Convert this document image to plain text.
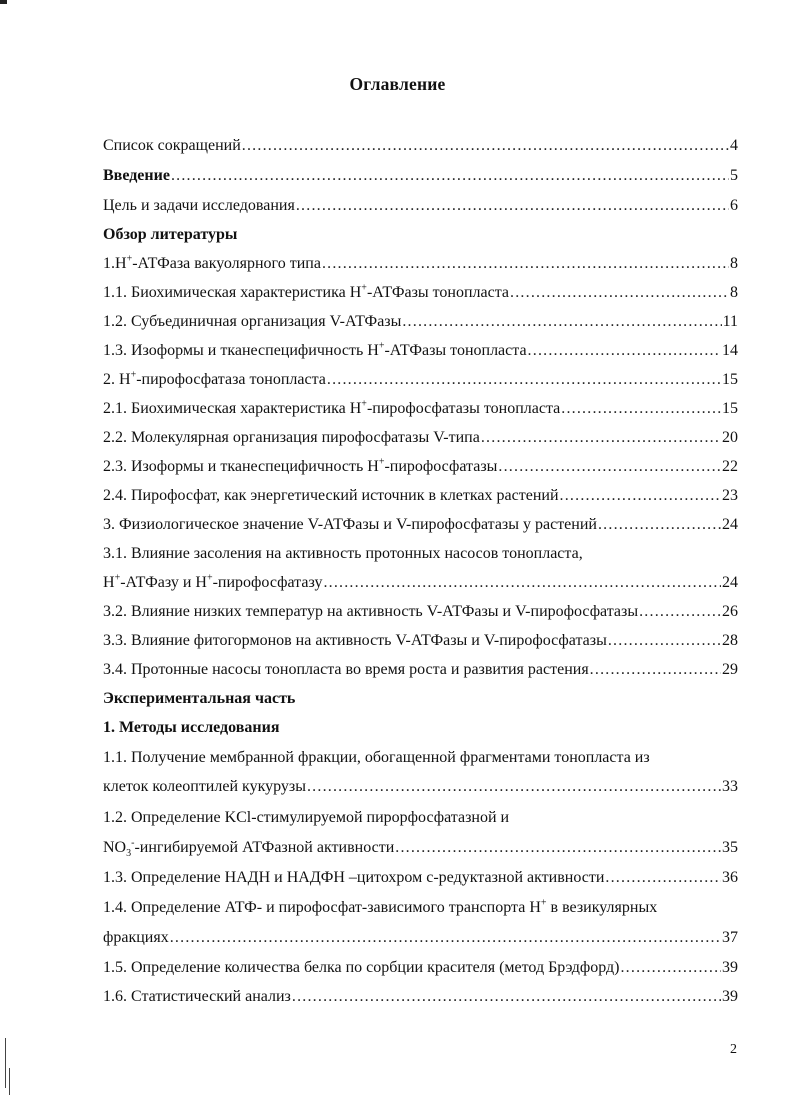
Оглавление
Список сокращений .....	4
Введение .....	5
Цель и задачи исследования .....	6
Обзор литературы
1.H+-АТФаза вакуолярного типа .....	8
1.1. Биохимическая характеристика H+-АТФазы тонопласта .....	8
1.2. Субъединичная организация V-АТФазы .....	11
1.3. Изоформы и тканеспецифичность H+-АТФазы тонопласта .....	14
2. H+-пирофосфатаза тонопласта .....	15
2.1. Биохимическая характеристика H+-пирофосфатазы тонопласта .....	15
2.2. Молекулярная организация пирофосфатазы V-типа .....	20
2.3. Изоформы и тканеспецифичность H+-пирофосфатазы .....	22
2.4. Пирофосфат, как энергетический источник в клетках растений .....	23
3. Физиологическое значение V-АТФазы и V-пирофосфатазы у растений .....	24
3.1. Влияние засоления на активность протонных насосов тонопласта,
H+-АТФазу и H+-пирофосфатазу .....	24
3.2. Влияние низких температур на активность V-АТФазы и V-пирофосфатазы .....	26
3.3. Влияние фитогормонов на активность V-АТФазы и V-пирофосфатазы .....	28
3.4. Протонные насосы тонопласта во время роста и развития растения .....	29
Экспериментальная часть
1. Методы исследования
1.1. Получение мембранной фракции, обогащенной фрагментами тонопласта из
клеток колеоптилей кукурузы .....	33
1.2. Определение KCl-стимулируемой пирорфосфатазной и
$NO_3^-$-ингибируемой АТФазной активности .....	35
1.3. Определение НАДН и НАДФН –цитохром с-редуктазной активности .....	36
1.4. Определение АТФ- и пирофосфат-зависимого транспорта H+ в везикулярных
фракциях .....	37
1.5. Определение количества белка по сорбции красителя (метод Брэдфорд) .....	39
1.6. Статистический анализ .....	39
2
